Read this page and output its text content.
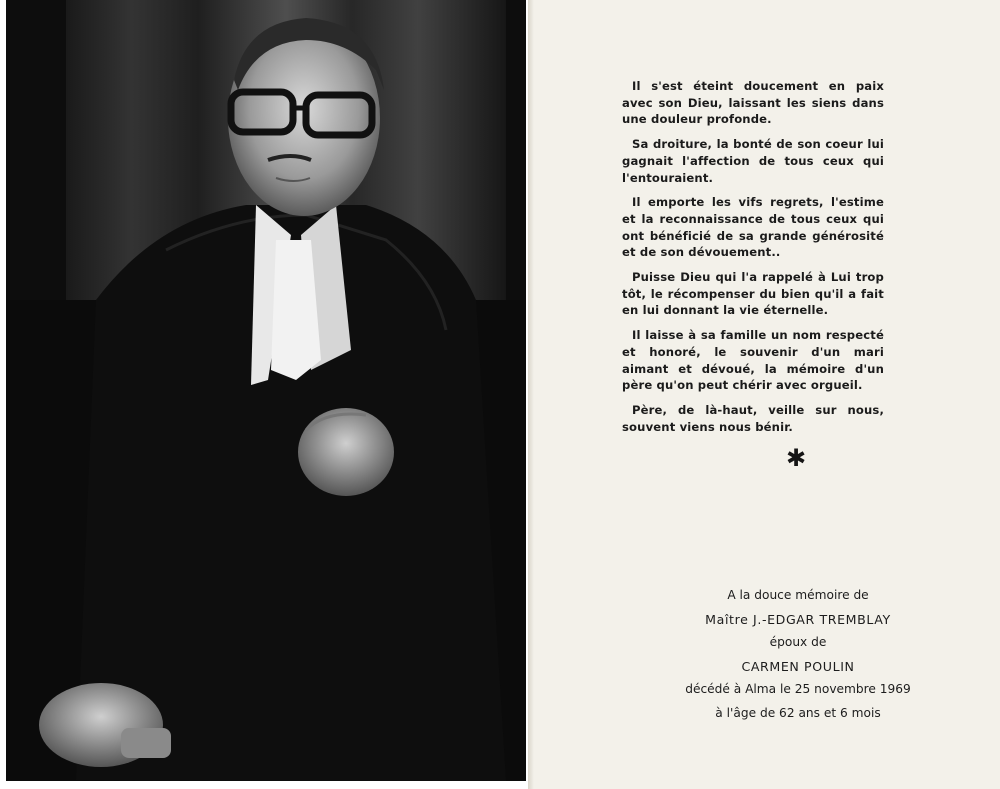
Il s'est éteint doucement en paix avec son Dieu, laissant les siens dans une douleur profonde.

Sa droiture, la bonté de son coeur lui gagnait l'affection de tous ceux qui l'entouraient.

Il emporte les vifs regrets, l'estime et la reconnaissance de tous ceux qui ont bénéficié de sa grande générosité et de son dévouement..

Puisse Dieu qui l'a rappelé à Lui trop tôt, le récompenser du bien qu'il a fait en lui donnant la vie éternelle.

Il laisse à sa famille un nom respecté et honoré, le souvenir d'un mari aimant et dévoué, la mémoire d'un père qu'on peut chérir avec orgueil.

Père, de là-haut, veille sur nous, souvent viens nous bénir.

✱
A la douce mémoire de
Maître J.-EDGAR TREMBLAY
époux de
CARMEN POULIN
décédé à Alma le 25 novembre 1969
à l'âge de 62 ans et 6 mois
